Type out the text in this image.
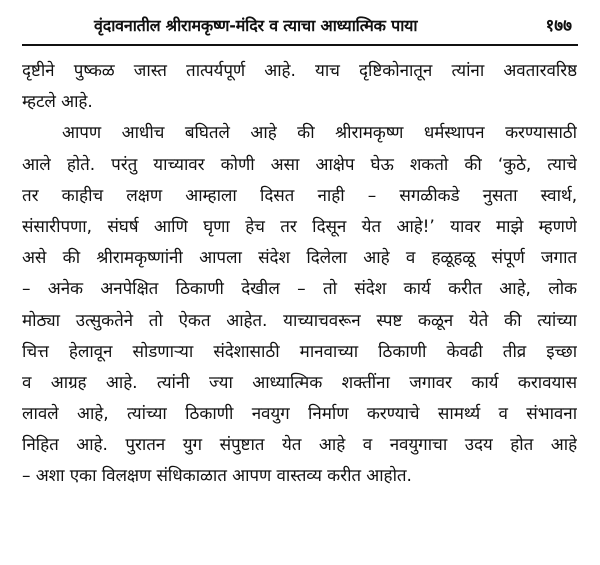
वृंदावनातील श्रीरामकृष्ण-मंदिर व त्याचा आध्यात्मिक पाया	१७७
दृष्टीने पुष्कळ जास्त तात्पर्यपूर्ण आहे. याच दृष्टिकोनातून त्यांना अवतारवरिष्ठ
म्हटले आहे.
आपण आधीच बघितले आहे की श्रीरामकृष्ण धर्मस्थापन करण्यासाठी
आले होते. परंतु याच्यावर कोणी असा आक्षेप घेऊ शकतो की ‘कुठे, त्याचे
तर काहीच लक्षण आम्हाला दिसत नाही – सगळीकडे नुसता स्वार्थ,
संसारीपणा, संघर्ष आणि घृणा हेच तर दिसून येत आहे!’ यावर माझे म्हणणे
असे की श्रीरामकृष्णांनी आपला संदेश दिलेला आहे व हळूहळू संपूर्ण जगात
– अनेक अनपेक्षित ठिकाणी देखील – तो संदेश कार्य करीत आहे, लोक
मोठ्या उत्सुकतेने तो ऐकत आहेत. याच्याचवरून स्पष्ट कळून येते की त्यांच्या
चित्त हेलावून सोडणाऱ्या संदेशासाठी मानवाच्या ठिकाणी केवढी तीव्र इच्छा
व आग्रह आहे. त्यांनी ज्या आध्यात्मिक शक्तींना जगावर कार्य करावयास
लावले आहे, त्यांच्या ठिकाणी नवयुग निर्माण करण्याचे सामर्थ्य व संभावना
निहित आहे. पुरातन युग संपुष्टात येत आहे व नवयुगाचा उदय होत आहे
– अशा एका विलक्षण संधिकाळात आपण वास्तव्य करीत आहोत.
